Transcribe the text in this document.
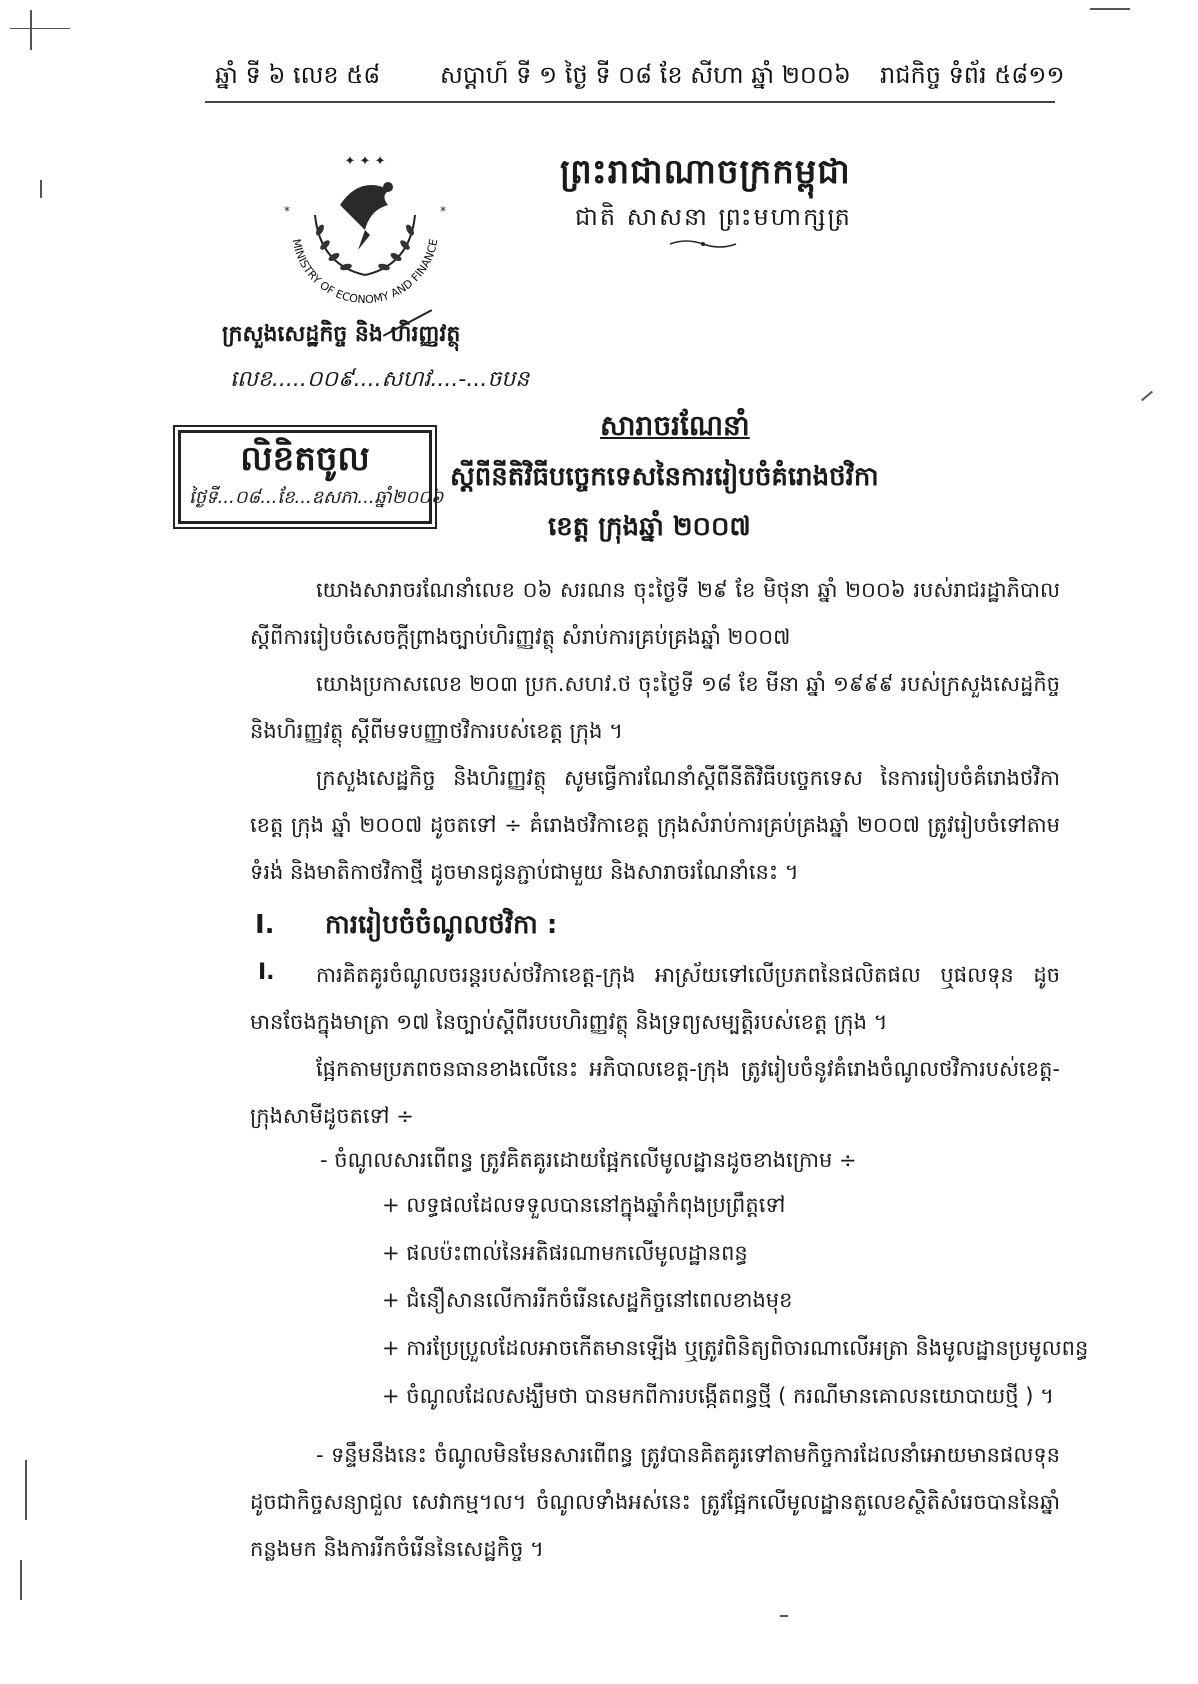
ឆ្នាំ ទី ៦ លេខ ៥៨ សប្តាហ៍ ទី ១ ថ្ងៃ ទី ០៨ ខែ សីហា ឆ្នាំ ២០០៦ រាជកិច្ច ទំព័រ ៥៨១១
✦ ✦ ✦
MINISTRY OF ECONOMY AND FINANCE
*	*
ព្រះរាជាណាចក្រកម្ពុជា
ជាតិ សាសនា ព្រះមហាក្សត្រ
ក្រសួងសេដ្ឋកិច្ច និង ហិរញ្ញវត្ថុ
លេខ.....០០៩....សហវ....-...ចបន
លិខិតចូល
ថ្ងៃទី...០៨...ខែ...ឧសភា...ឆ្នាំ២០០៦
សារាចរណែនាំ
ស្តីពីនីតិវិធីបច្ចេកទេសនៃការរៀបចំគំរោងថវិកា
ខេត្ត ក្រុងឆ្នាំ ២០០៧
យោងសារាចរណែនាំលេខ ០៦ សរណន ចុះថ្ងៃទី ២៩ ខែ មិថុនា ឆ្នាំ ២០០៦ របស់រាជរដ្ឋាភិបាល ស្តីពីការរៀបចំសេចក្តីព្រាងច្បាប់ហិរញ្ញវត្ថុ សំរាប់ការគ្រប់គ្រងឆ្នាំ ២០០៧
យោងប្រកាសលេខ ២០៣ ប្រក.សហវ.ថ ចុះថ្ងៃទី ១៨ ខែ មីនា ឆ្នាំ ១៩៩៩ របស់ក្រសួងសេដ្ឋកិច្ច និងហិរញ្ញវត្ថុ ស្តីពីមទបញ្ញាថវិការបស់ខេត្ត ក្រុង ។
ក្រសួងសេដ្ឋកិច្ច និងហិរញ្ញវត្ថុ សូមធ្វើការណែនាំស្តីពីនីតិវិធីបច្ចេកទេស នៃការរៀបចំគំរោងថវិកាខេត្ត ក្រុង ឆ្នាំ ២០០៧ ដូចតទៅ ÷ គំរោងថវិកាខេត្ត ក្រុងសំរាប់ការគ្រប់គ្រងឆ្នាំ ២០០៧ ត្រូវរៀបចំទៅតាមទំរង់ និងមាតិកាថវិកាថ្មី ដូចមានជូនភ្ជាប់ជាមួយ និងសារាចរណែនាំនេះ ។
I. ការរៀបចំចំណូលថវិកា :
I.	ការគិតគូរចំណូលចរន្តរបស់ថវិកាខេត្ត-ក្រុង អាស្រ័យទៅលើប្រភពនៃផលិតផល ឬផលទុន ដូចមានចែងក្នុងមាត្រា ១៧ នៃច្បាប់ស្តីពីរបបហិរញ្ញវត្ថុ និងទ្រព្យសម្បត្តិរបស់ខេត្ត ក្រុង ។
ផ្អែកតាមប្រភពចនធានខាងលើនេះ អភិបាលខេត្ត-ក្រុង ត្រូវរៀបចំនូវគំរោងចំណូលថវិការបស់ខេត្ត-ក្រុងសាមីដូចតទៅ ÷
- ចំណូលសារពើពន្ធ ត្រូវគិតគូរដោយផ្អែកលើមូលដ្ឋានដូចខាងក្រោម ÷
+ លទ្ធផលដែលទទួលបាននៅក្នុងឆ្នាំកំពុងប្រព្រឹត្តទៅ
+ ផលប៉ះពាល់នៃអតិផរណាមកលើមូលដ្ឋានពន្ធ
+ ជំនឿសានលើការរីកចំរើនសេដ្ឋកិច្ចនៅពេលខាងមុខ
+ ការប្រែប្រួលដែលអាចកើតមានឡើង ឬត្រូវពិនិត្យពិចារណាលើអត្រា និងមូលដ្ឋានប្រមូលពន្ធ
+ ចំណូលដែលសង្ឃឹមថា បានមកពីការបង្កើតពន្ធថ្មី ( ករណីមានគោលនយោបាយថ្មី ) ។
- ទន្ទឹមនឹងនេះ ចំណូលមិនមែនសារពើពន្ធ ត្រូវបានគិតគូរទៅតាមកិច្ចការដែលនាំអោយមានផលទុន ដូចជាកិច្ចសន្យាជួល សេវាកម្ម។ល។ ចំណូលទាំងអស់នេះ ត្រូវផ្អែកលើមូលដ្ឋានតួលេខស្ថិតិសំរេចបាននៃឆ្នាំកន្លងមក និងការរីកចំរើននៃសេដ្ឋកិច្ច ។
